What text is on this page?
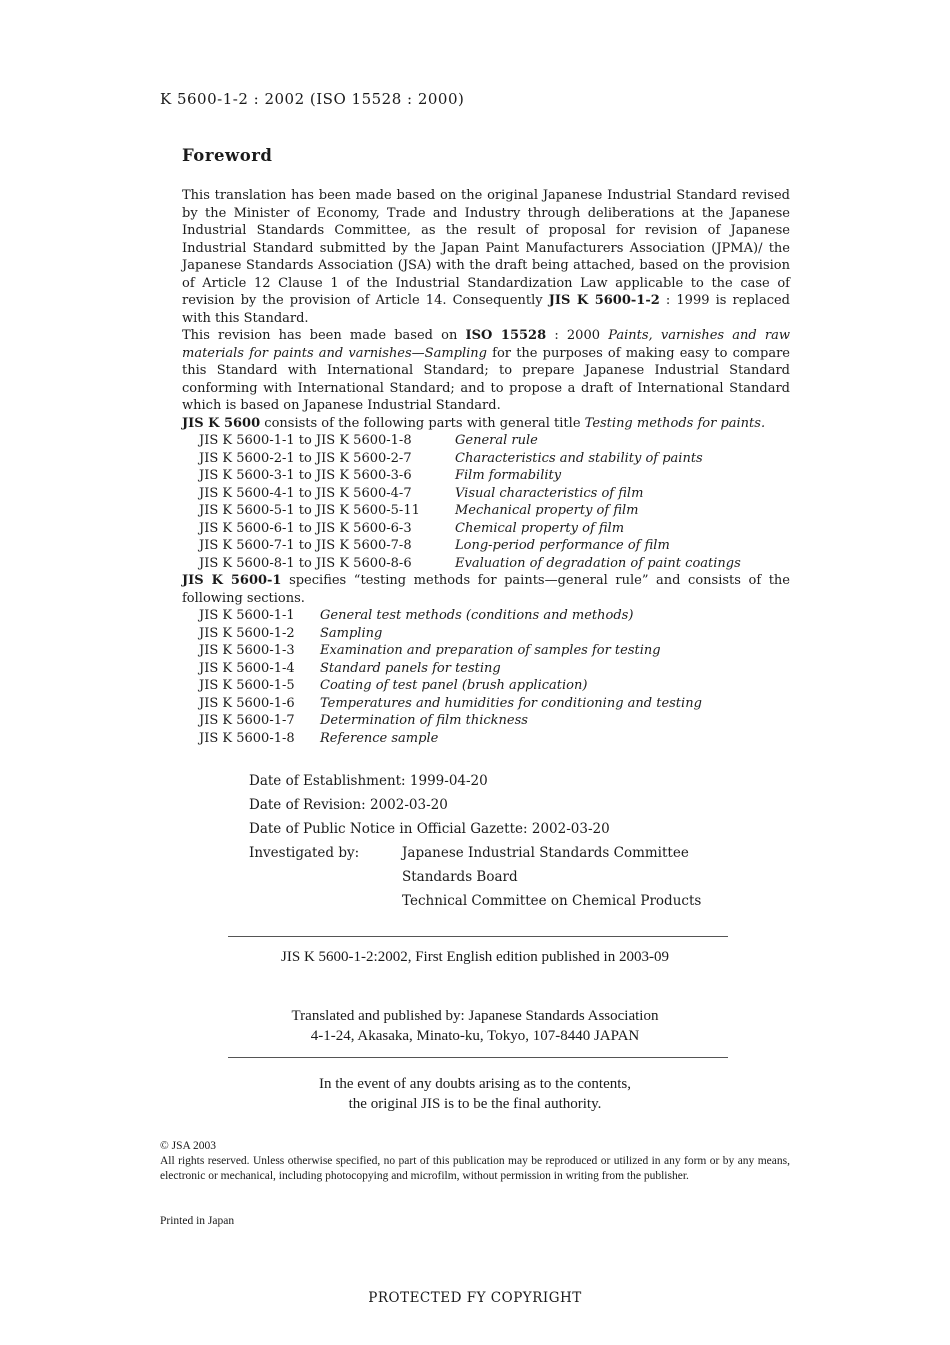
K 5600-1-2 : 2002 (ISO 15528 : 2000)
Foreword

This translation has been made based on the original Japanese Industrial Standard revised by the Minister of Economy, Trade and Industry through deliberations at the Japanese Industrial Standards Committee, as the result of proposal for revision of Japanese Industrial Standard submitted by the Japan Paint Manufacturers Association (JPMA)/ the Japanese Standards Association (JSA) with the draft being attached, based on the provision of Article 12 Clause 1 of the Industrial Standardization Law applicable to the case of revision by the provision of Article 14. Consequently JIS K 5600-1-2 : 1999 is replaced with this Standard.

This revision has been made based on ISO 15528 : 2000 Paints, varnishes and raw materials for paints and varnishes—Sampling for the purposes of making easy to compare this Standard with International Standard; to prepare Japanese Industrial Standard conforming with International Standard; and to propose a draft of International Standard which is based on Japanese Industrial Standard.

JIS K 5600 consists of the following parts with general title Testing methods for paints.

JIS K 5600-1-1 to JIS K 5600-1-8	General rule
JIS K 5600-2-1 to JIS K 5600-2-7	Characteristics and stability of paints
JIS K 5600-3-1 to JIS K 5600-3-6	Film formability
JIS K 5600-4-1 to JIS K 5600-4-7	Visual characteristics of film
JIS K 5600-5-1 to JIS K 5600-5-11	Mechanical property of film
JIS K 5600-6-1 to JIS K 5600-6-3	Chemical property of film
JIS K 5600-7-1 to JIS K 5600-7-8	Long-period performance of film
JIS K 5600-8-1 to JIS K 5600-8-6	Evaluation of degradation of paint coatings

JIS K 5600-1 specifies “testing methods for paints—general rule” and consists of the following sections.

JIS K 5600-1-1	General test methods (conditions and methods)
JIS K 5600-1-2	Sampling
JIS K 5600-1-3	Examination and preparation of samples for testing
JIS K 5600-1-4	Standard panels for testing
JIS K 5600-1-5	Coating of test panel (brush application)
JIS K 5600-1-6	Temperatures and humidities for conditioning and testing
JIS K 5600-1-7	Determination of film thickness
JIS K 5600-1-8	Reference sample
Date of Establishment: 1999-04-20
Date of Revision: 2002-03-20
Date of Public Notice in Official Gazette: 2002-03-20
Investigated by:	Japanese Industrial Standards Committee
Standards Board
Technical Committee on Chemical Products
JIS K 5600-1-2:2002, First English edition published in 2003-09
Translated and published by: Japanese Standards Association
4-1-24, Akasaka, Minato-ku, Tokyo, 107-8440 JAPAN
In the event of any doubts arising as to the contents,
the original JIS is to be the final authority.
© JSA 2003
All rights reserved. Unless otherwise specified, no part of this publication may be reproduced or utilized in any form or by any means, electronic or mechanical, including photocopying and microfilm, without permission in writing from the publisher.
Printed in Japan
PROTECTED FY COPYRIGHT
